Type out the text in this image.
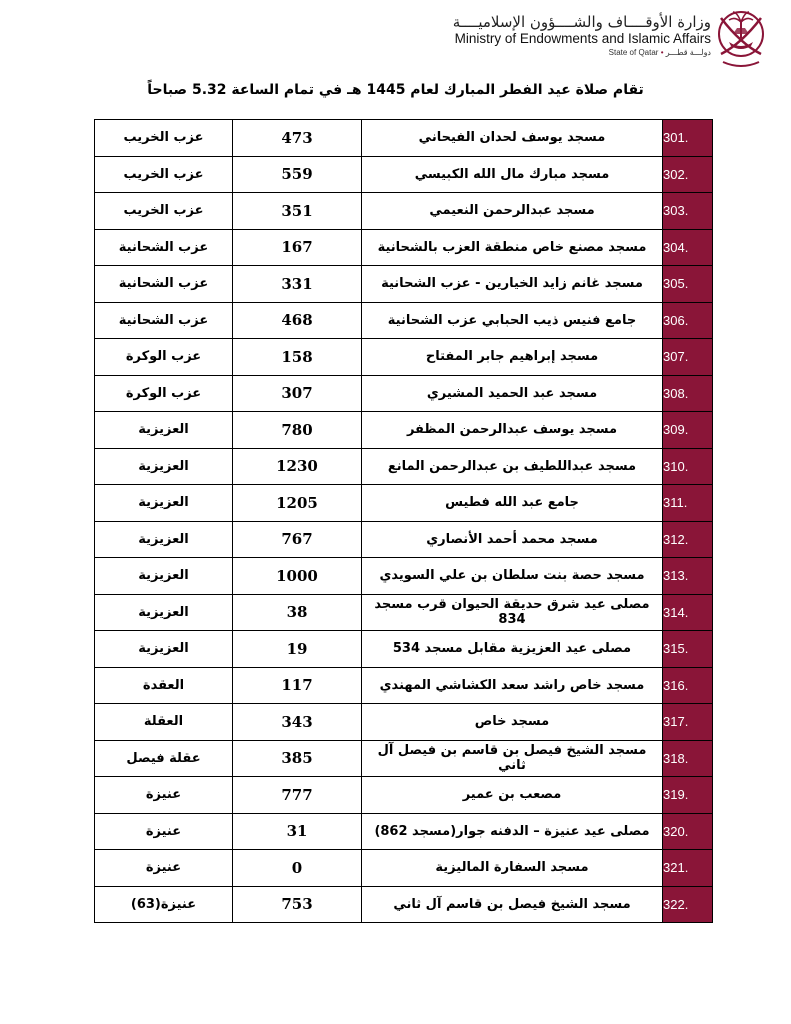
وزارة الأوقــــاف والشــــؤون الإسلاميــــة
Ministry of Endowments and Islamic Affairs
State of Qatar • دولـــة قطـــر
تقام صلاة عيد الفطر المبارك لعام 1445 هـ في تمام الساعة 5.32 صباحاً
عزب الخريب	473	مسجد يوسف لحدان الفيحاني	301.
عزب الخريب	559	مسجد مبارك مال الله الكبيسي	302.
عزب الخريب	351	مسجد عبدالرحمن النعيمي	303.
عزب الشحانية	167	مسجد مصنع خاص منطقة العزب بالشحانية	304.
عزب الشحانية	331	مسجد غانم زايد الخيارين - عزب الشحانية	305.
عزب الشحانية	468	جامع فنيس ذيب الحبابي عزب الشحانية	306.
عزب الوكرة	158	مسجد إبراهيم جابر المفتاح	307.
عزب الوكرة	307	مسجد عبد الحميد المشيري	308.
العزيزية	780	مسجد يوسف عبدالرحمن المظفر	309.
العزيزية	1230	مسجد عبداللطيف بن عبدالرحمن المانع	310.
العزيزية	1205	جامع عبد الله فطيس	311.
العزيزية	767	مسجد محمد أحمد الأنصاري	312.
العزيزية	1000	مسجد حصة بنت سلطان بن علي السويدي	313.
العزيزية	38	مصلى عيد شرق حديقة الحيوان قرب مسجد 834	314.
العزيزية	19	مصلى عيد العزيزية مقابل مسجد 534	315.
العقدة	117	مسجد خاص راشد سعد الكشاشي المهندي	316.
العقلة	343	مسجد خاص	317.
عقلة فيصل	385	مسجد الشيخ فيصل بن قاسم بن فيصل آل ثاني	318.
عنيزة	777	مصعب بن عمير	319.
عنيزة	31	مصلى عيد عنيزة – الدفنه جوار(مسجد 862)	320.
عنيزة	0	مسجد السفارة الماليزية	321.
عنيزة(63)	753	مسجد الشيخ فيصل بن قاسم آل ثاني	322.
